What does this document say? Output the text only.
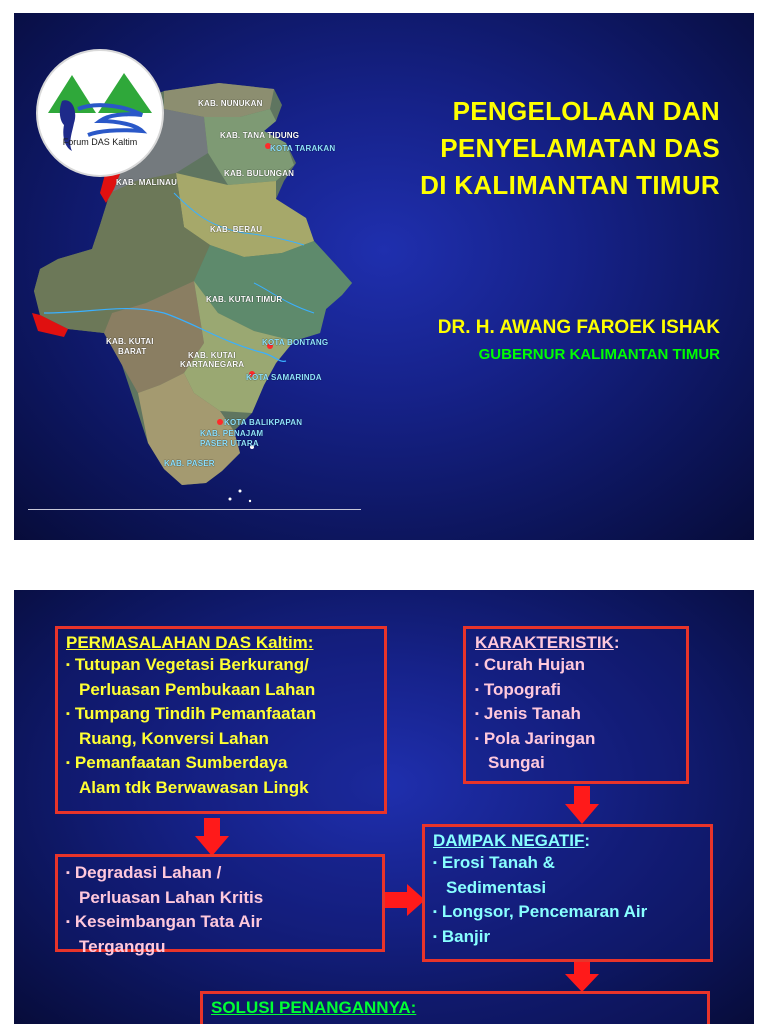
KAB. NUNUKAN
KAB. TANA TIDUNG
KOTA TARAKAN
KAB. MALINAU
KAB. BULUNGAN
KAB. BERAU
KAB. KUTAI TIMUR
KAB. KUTAI
BARAT	KAB. KUTAI
KARTANEGARA
KOTA BONTANG
KOTA SAMARINDA
KOTA BALIKPAPAN
KAB. PENAJAM
PASER UTARA
KAB. PASER
Forum DAS Kaltim
PENGELOLAAN DAN
PENYELAMATAN DAS
DI KALIMANTAN TIMUR
DR. H. AWANG FAROEK ISHAK
GUBERNUR KALIMANTAN TIMUR
PERMASALAHAN DAS Kaltim:
▪ Tutupan Vegetasi Berkurang/
Perluasan Pembukaan Lahan
▪ Tumpang Tindih Pemanfaatan
Ruang, Konversi Lahan
▪ Pemanfaatan Sumberdaya
Alam tdk Berwawasan Lingk
KARAKTERISTIK:
▪ Curah Hujan
▪ Topografi
▪ Jenis Tanah
▪ Pola Jaringan
Sungai
▪ Degradasi Lahan /
Perluasan Lahan Kritis
▪ Keseimbangan Tata Air
Terganggu
DAMPAK NEGATIF:
▪ Erosi Tanah &
Sedimentasi
▪ Longsor, Pencemaran Air
▪ Banjir
SOLUSI PENANGANNYA:
